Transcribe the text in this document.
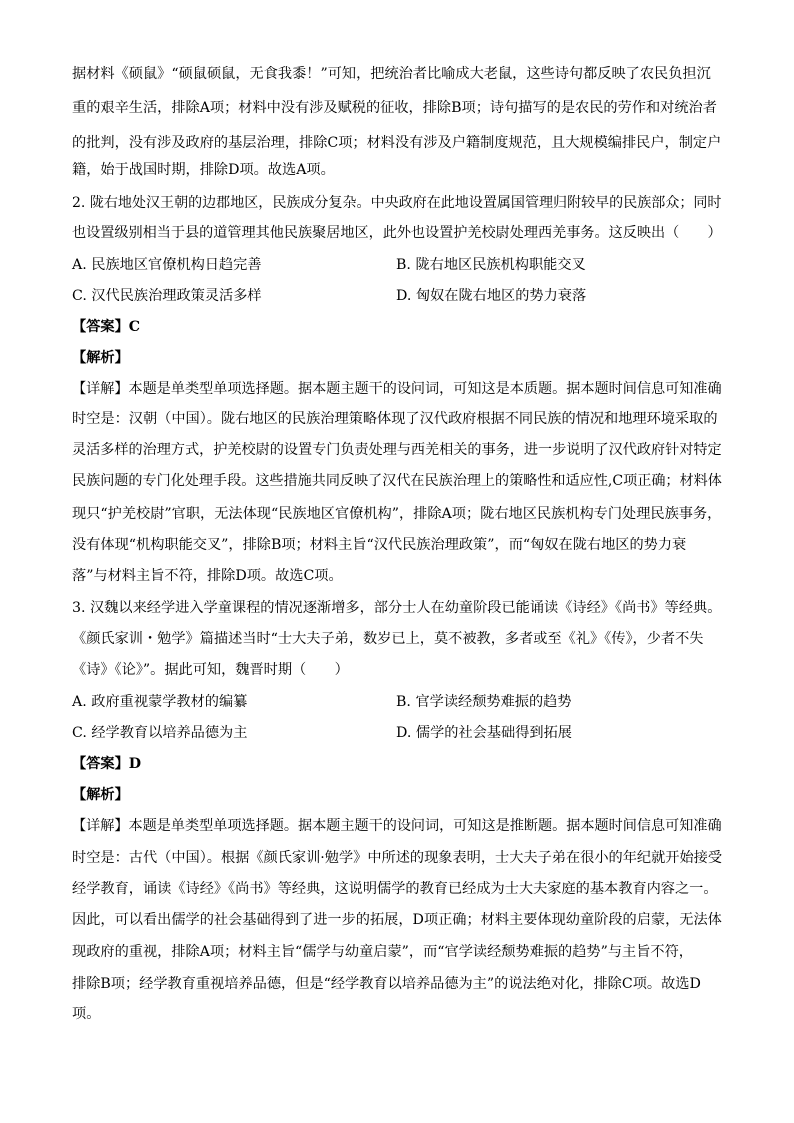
据材料《硕鼠》“硕鼠硕鼠，无食我黍！”可知，把统治者比喻成大老鼠，这些诗句都反映了农民负担沉
重的艰辛生活，排除A项；材料中没有涉及赋税的征收，排除B项；诗句描写的是农民的劳作和对统治者
的批判，没有涉及政府的基层治理，排除C项；材料没有涉及户籍制度规范，且大规模编排民户，制定户
籍，始于战国时期，排除D项。故选A项。
2. 陇右地处汉王朝的边郡地区，民族成分复杂。中央政府在此地设置属国管理归附较早的民族部众；同时
也设置级别相当于县的道管理其他民族聚居地区，此外也设置护羌校尉处理西羌事务。这反映出（　　）
A. 民族地区官僚机构日趋完善	B. 陇右地区民族机构职能交叉
C. 汉代民族治理政策灵活多样	D. 匈奴在陇右地区的势力衰落
【答案】C
【解析】
【详解】本题是单类型单项选择题。据本题主题干的设问词，可知这是本质题。据本题时间信息可知准确
时空是：汉朝（中国）。陇右地区的民族治理策略体现了汉代政府根据不同民族的情况和地理环境采取的
灵活多样的治理方式，护羌校尉的设置专门负责处理与西羌相关的事务，进一步说明了汉代政府针对特定
民族问题的专门化处理手段。这些措施共同反映了汉代在民族治理上的策略性和适应性,C项正确；材料体
现只“护羌校尉”官职，无法体现“民族地区官僚机构”，排除A项；陇右地区民族机构专门处理民族事务，
没有体现“机构职能交叉”，排除B项；材料主旨“汉代民族治理政策”，而“匈奴在陇右地区的势力衰
落”与材料主旨不符，排除D项。故选C项。
3. 汉魏以来经学进入学童课程的情况逐渐增多，部分士人在幼童阶段已能诵读《诗经》《尚书》等经典。
《颜氏家训・勉学》篇描述当时“士大夫子弟，数岁已上，莫不被教，多者或至《礼》《传》，少者不失
《诗》《论》”。据此可知，魏晋时期（　　）
A. 政府重视蒙学教材的编纂	B. 官学读经颓势难振的趋势
C. 经学教育以培养品德为主	D. 儒学的社会基础得到拓展
【答案】D
【解析】
【详解】本题是单类型单项选择题。据本题主题干的设问词，可知这是推断题。据本题时间信息可知准确
时空是：古代（中国）。根据《颜氏家训·勉学》中所述的现象表明，士大夫子弟在很小的年纪就开始接受
经学教育，诵读《诗经》《尚书》等经典，这说明儒学的教育已经成为士大夫家庭的基本教育内容之一。
因此，可以看出儒学的社会基础得到了进一步的拓展，D项正确；材料主要体现幼童阶段的启蒙，无法体
现政府的重视，排除A项；材料主旨“儒学与幼童启蒙”，而“官学读经颓势难振的趋势”与主旨不符，
排除B项；经学教育重视培养品德，但是“经学教育以培养品德为主”的说法绝对化，排除C项。故选D
项。
